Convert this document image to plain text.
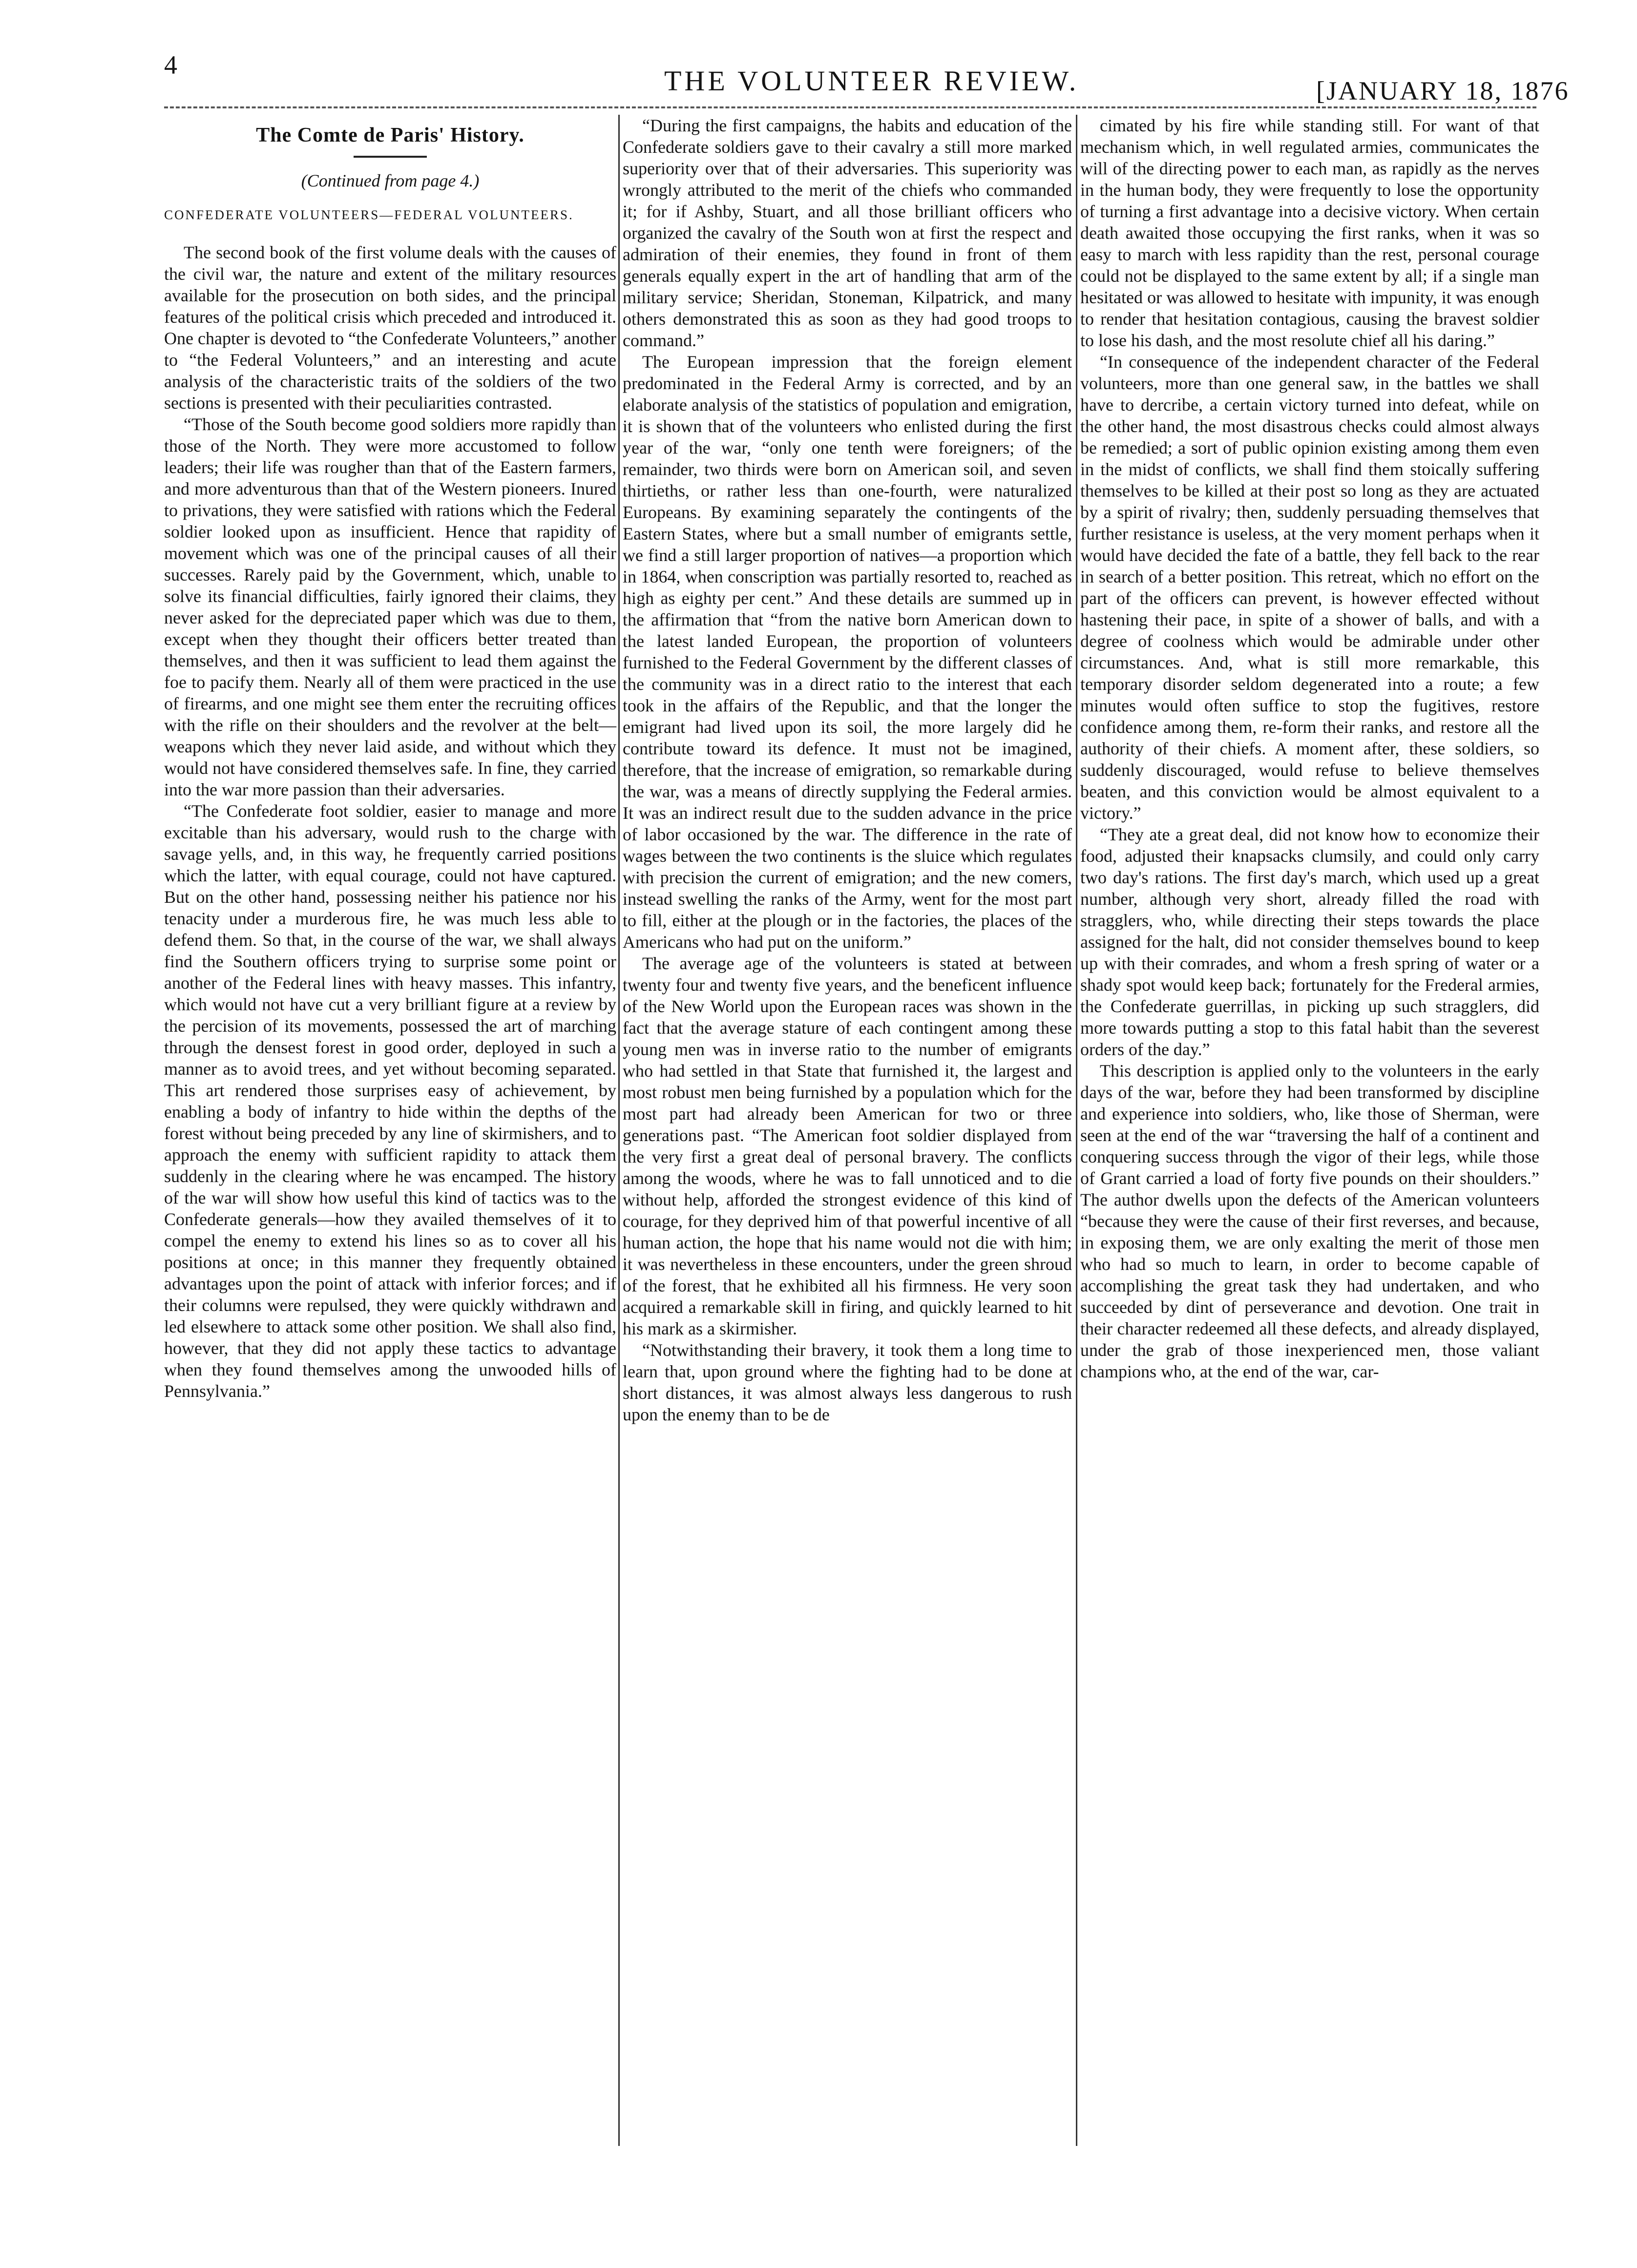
4	THE VOLUNTEER REVIEW.	[JANUARY 18, 1876
The Comte de Paris' History.
(Continued from page 4.)
CONFEDERATE VOLUNTEERS—FEDERAL VOLUNTEERS.

The second book of the first volume deals with the causes of the civil war, the nature and extent of the military resources available for the prosecution on both sides, and the principal features of the political crisis which preceded and introduced it. One chapter is devoted to “the Confederate Volunteers,” another to “the Federal Volunteers,” and an interesting and acute analysis of the characteristic traits of the soldiers of the two sections is presented with their peculiarities contrasted.

“Those of the South become good soldiers more rapidly than those of the North. They were more accustomed to follow leaders; their life was rougher than that of the Eastern farmers, and more adventurous than that of the Western pioneers. Inured to privations, they were satisfied with rations which the Federal soldier looked upon as insufficient. Hence that rapidity of movement which was one of the principal causes of all their successes. Rarely paid by the Government, which, unable to solve its financial difficulties, fairly ignored their claims, they never asked for the depreciated paper which was due to them, except when they thought their officers better treated than themselves, and then it was sufficient to lead them against the foe to pacify them. Nearly all of them were practiced in the use of firearms, and one might see them enter the recruiting offices with the rifle on their shoulders and the revolver at the belt—weapons which they never laid aside, and without which they would not have considered themselves safe. In fine, they carried into the war more passion than their adversaries.

“The Confederate foot soldier, easier to manage and more excitable than his adversary, would rush to the charge with savage yells, and, in this way, he frequently carried positions which the latter, with equal courage, could not have captured. But on the other hand, possessing neither his patience nor his tenacity under a murderous fire, he was much less able to defend them. So that, in the course of the war, we shall always find the Southern officers trying to surprise some point or another of the Federal lines with heavy masses. This infantry, which would not have cut a very brilliant figure at a review by the percision of its movements, possessed the art of marching through the densest forest in good order, deployed in such a manner as to avoid trees, and yet without becoming separated. This art rendered those surprises easy of achievement, by enabling a body of infantry to hide within the depths of the forest without being preceded by any line of skirmishers, and to approach the enemy with sufficient rapidity to attack them suddenly in the clearing where he was encamped. The history of the war will show how useful this kind of tactics was to the Confederate generals—how they availed themselves of it to compel the enemy to extend his lines so as to cover all his positions at once; in this manner they frequently obtained advantages upon the point of attack with inferior forces; and if their columns were repulsed, they were quickly withdrawn and led elsewhere to attack some other position. We shall also find, however, that they did not apply these tactics to advantage when they found themselves among the unwooded hills of Pennsylvania.”

“During the first campaigns, the habits and education of the Confederate soldiers gave to their cavalry a still more marked superiority over that of their adversaries. This superiority was wrongly attributed to the merit of the chiefs who commanded it; for if Ashby, Stuart, and all those brilliant officers who organized the cavalry of the South won at first the respect and admiration of their enemies, they found in front of them generals equally expert in the art of handling that arm of the military service; Sheridan, Stoneman, Kilpatrick, and many others demonstrated this as soon as they had good troops to command.”

The European impression that the foreign element predominated in the Federal Army is corrected, and by an elaborate analysis of the statistics of population and emigration, it is shown that of the volunteers who enlisted during the first year of the war, “only one tenth were foreigners; of the remainder, two thirds were born on American soil, and seven thirtieths, or rather less than one-fourth, were naturalized Europeans. By examining separately the contingents of the Eastern States, where but a small number of emigrants settle, we find a still larger proportion of natives—a proportion which in 1864, when conscription was partially resorted to, reached as high as eighty per cent.” And these details are summed up in the affirmation that “from the native born American down to the latest landed European, the proportion of volunteers furnished to the Federal Government by the different classes of the community was in a direct ratio to the interest that each took in the affairs of the Republic, and that the longer the emigrant had lived upon its soil, the more largely did he contribute toward its defence. It must not be imagined, therefore, that the increase of emigration, so remarkable during the war, was a means of directly supplying the Federal armies. It was an indirect result due to the sudden advance in the price of labor occasioned by the war. The difference in the rate of wages between the two continents is the sluice which regulates with precision the current of emigration; and the new comers, instead swelling the ranks of the Army, went for the most part to fill, either at the plough or in the factories, the places of the Americans who had put on the uniform.”

The average age of the volunteers is stated at between twenty four and twenty five years, and the beneficent influence of the New World upon the European races was shown in the fact that the average stature of each contingent among these young men was in inverse ratio to the number of emigrants who had settled in that State that furnished it, the largest and most robust men being furnished by a population which for the most part had already been American for two or three generations past. “The American foot soldier displayed from the very first a great deal of personal bravery. The conflicts among the woods, where he was to fall unnoticed and to die without help, afforded the strongest evidence of this kind of courage, for they deprived him of that powerful incentive of all human action, the hope that his name would not die with him; it was nevertheless in these encounters, under the green shroud of the forest, that he exhibited all his firmness. He very soon acquired a remarkable skill in firing, and quickly learned to hit his mark as a skirmisher.

“Notwithstanding their bravery, it took them a long time to learn that, upon ground where the fighting had to be done at short distances, it was almost always less dangerous to rush upon the enemy than to be de

cimated by his fire while standing still. For want of that mechanism which, in well regulated armies, communicates the will of the directing power to each man, as rapidly as the nerves in the human body, they were frequently to lose the opportunity of turning a first advantage into a decisive victory. When certain death awaited those occupying the first ranks, when it was so easy to march with less rapidity than the rest, personal courage could not be displayed to the same extent by all; if a single man hesitated or was allowed to hesitate with impunity, it was enough to render that hesitation contagious, causing the bravest soldier to lose his dash, and the most resolute chief all his daring.”

“In consequence of the independent character of the Federal volunteers, more than one general saw, in the battles we shall have to dercribe, a certain victory turned into defeat, while on the other hand, the most disastrous checks could almost always be remedied; a sort of public opinion existing among them even in the midst of conflicts, we shall find them stoically suffering themselves to be killed at their post so long as they are actuated by a spirit of rivalry; then, suddenly persuading themselves that further resistance is useless, at the very moment perhaps when it would have decided the fate of a battle, they fell back to the rear in search of a better position. This retreat, which no effort on the part of the officers can prevent, is however effected without hastening their pace, in spite of a shower of balls, and with a degree of coolness which would be admirable under other circumstances. And, what is still more remarkable, this temporary disorder seldom degenerated into a route; a few minutes would often suffice to stop the fugitives, restore confidence among them, re-form their ranks, and restore all the authority of their chiefs. A moment after, these soldiers, so suddenly discouraged, would refuse to believe themselves beaten, and this conviction would be almost equivalent to a victory.”

“They ate a great deal, did not know how to economize their food, adjusted their knapsacks clumsily, and could only carry two day's rations. The first day's march, which used up a great number, although very short, already filled the road with stragglers, who, while directing their steps towards the place assigned for the halt, did not consider themselves bound to keep up with their comrades, and whom a fresh spring of water or a shady spot would keep back; fortunately for the Frederal armies, the Confederate guerrillas, in picking up such stragglers, did more towards putting a stop to this fatal habit than the severest orders of the day.”

This description is applied only to the volunteers in the early days of the war, before they had been transformed by discipline and experience into soldiers, who, like those of Sherman, were seen at the end of the war “traversing the half of a continent and conquering success through the vigor of their legs, while those of Grant carried a load of forty five pounds on their shoulders.” The author dwells upon the defects of the American volunteers “because they were the cause of their first reverses, and because, in exposing them, we are only exalting the merit of those men who had so much to learn, in order to become capable of accomplishing the great task they had undertaken, and who succeeded by dint of perseverance and devotion. One trait in their character redeemed all these defects, and already displayed, under the grab of those inexperienced men, those valiant champions who, at the end of the war, car-
